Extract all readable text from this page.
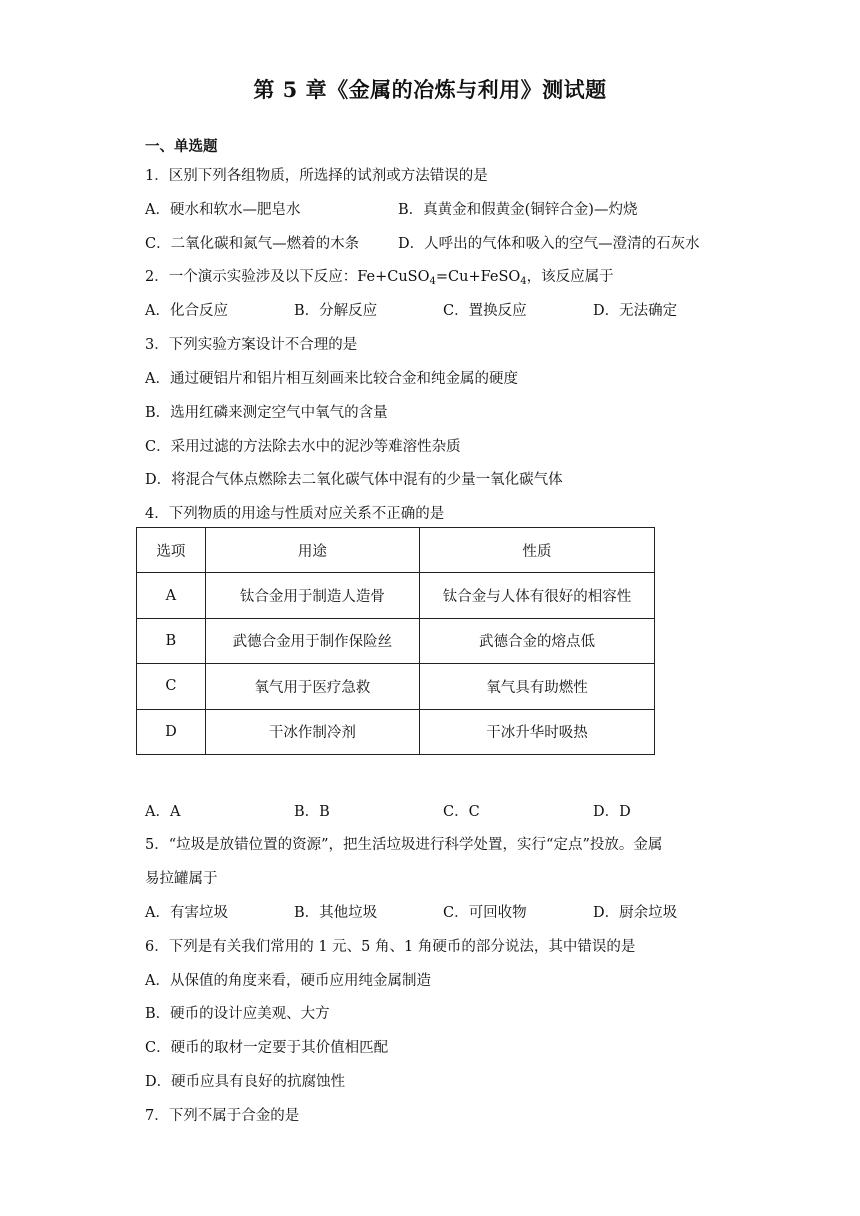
第 5 章《金属的冶炼与利用》测试题
一、单选题
1．区别下列各组物质，所选择的试剂或方法错误的是
A．硬水和软水—肥皂水	B．真黄金和假黄金(铜锌合金)—灼烧
C．二氧化碳和氮气—燃着的木条	D．人呼出的气体和吸入的空气—澄清的石灰水
2．一个演示实验涉及以下反应：Fe+CuSO$_4$=Cu+FeSO$_4$，该反应属于
A．化合反应	B．分解反应	C．置换反应	D．无法确定
3．下列实验方案设计不合理的是
A．通过硬铝片和铝片相互刻画来比较合金和纯金属的硬度
B．选用红磷来测定空气中氧气的含量
C．采用过滤的方法除去水中的泥沙等难溶性杂质
D．将混合气体点燃除去二氧化碳气体中混有的少量一氧化碳气体
4．下列物质的用途与性质对应关系不正确的是
选项	用途	性质
A	钛合金用于制造人造骨	钛合金与人体有很好的相容性
B	武德合金用于制作保险丝	武德合金的熔点低
C	氧气用于医疗急救	氧气具有助燃性
D	干冰作制冷剂	干冰升华时吸热
A．A	B．B	C．C	D．D
5．“垃圾是放错位置的资源”，把生活垃圾进行科学处置，实行“定点”投放。金属
易拉罐属于
A．有害垃圾	B．其他垃圾	C．可回收物	D．厨余垃圾
6．下列是有关我们常用的 1 元、5 角、1 角硬币的部分说法，其中错误的是
A．从保值的角度来看，硬币应用纯金属制造
B．硬币的设计应美观、大方
C．硬币的取材一定要于其价值相匹配
D．硬币应具有良好的抗腐蚀性
7．下列不属于合金的是
